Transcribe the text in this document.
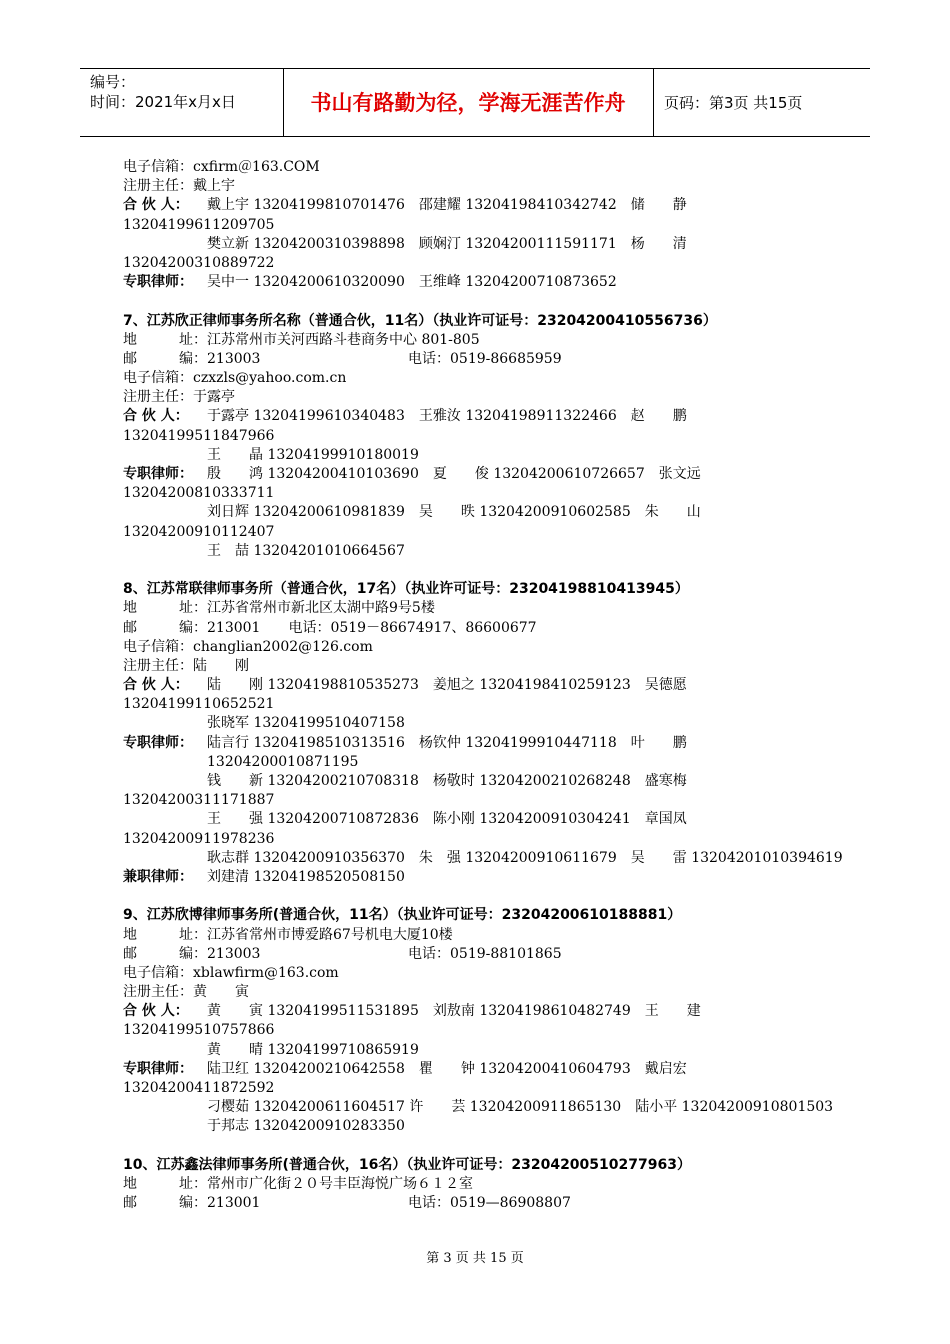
编号：
时间：2021年x月x日	书山有路勤为径，学海无涯苦作舟	页码：第3页 共15页
电子信箱：cxfirm＠163.COM
注册主任：戴上宇
合 伙 人： 戴上宇 13204199810701476　邵建耀 13204198410342742　储　　静
13204199611209705
樊立新 13204200310398898　顾娴汀 13204200111591171　杨　　清
13204200310889722
专职律师： 吴中一 13204200610320090　王维峰 13204200710873652
7、江苏欣正律师事务所名称（普通合伙，11名）（执业许可证号：23204200410556736）
地　　　址：江苏常州市关河西路斗巷商务中心 801-805
邮　　　编：213003	电话：0519-86685959
电子信箱：czxzls@yahoo.com.cn
注册主任：于露亭
合 伙 人： 于露亭 13204199610340483　王雅汝 13204198911322466　赵　　鹏
13204199511847966
王　　晶 13204199910180019
专职律师： 殷　　鸿 13204200410103690　夏　　俊 13204200610726657　张文远
13204200810333711
刘日辉 13204200610981839　吴　　昳 13204200910602585　朱　　山
13204200910112407
王　喆 13204201010664567
8、江苏常联律师事务所（普通合伙，17名）（执业许可证号：23204198810413945）
地　　　址：江苏省常州市新北区太湖中路9号5楼
邮　　　编：213001　　电话：0519－86674917、86600677
电子信箱：changlian2002@126.com
注册主任：陆　　刚
合 伙 人： 陆　　刚 13204198810535273　姜旭之 13204198410259123　吴德愿
13204199110652521
张晓军 13204199510407158
专职律师： 陆言行 13204198510313516　杨钦仲 13204199910447118　叶　　鹏
13204200010871195
钱　　新 13204200210708318　杨敬时 13204200210268248　盛寒梅
13204200311171887
王　　强 13204200710872836　陈小刚 13204200910304241　章国凤
13204200911978236
耿志群 13204200910356370　朱　强 13204200910611679　吴　　雷 13204201010394619
兼职律师： 刘建清 13204198520508150
9、江苏欣博律师事务所(普通合伙，11名）（执业许可证号：23204200610188881）
地　　　址：江苏省常州市博爱路67号机电大厦10楼
邮　　　编：213003	电话：0519-88101865
电子信箱：xblawfirm@163.com
注册主任：黄　　寅
合 伙 人： 黄　　寅 13204199511531895　刘敖南 13204198610482749　王　　建
13204199510757866
黄　　晴 13204199710865919
专职律师： 陆卫红 13204200210642558　瞿　　钟 13204200410604793　戴启宏
13204200411872592
刁樱茹 13204200611604517 许　　芸 13204200911865130　陆小平 13204200910801503
于邦志 13204200910283350
10、江苏鑫法律师事务所(普通合伙，16名）（执业许可证号：23204200510277963）
地　　　址：常州市广化街２０号丰臣海悦广场６１２室
邮　　　编：213001	电话：0519—86908807
第 3 页 共 15 页
